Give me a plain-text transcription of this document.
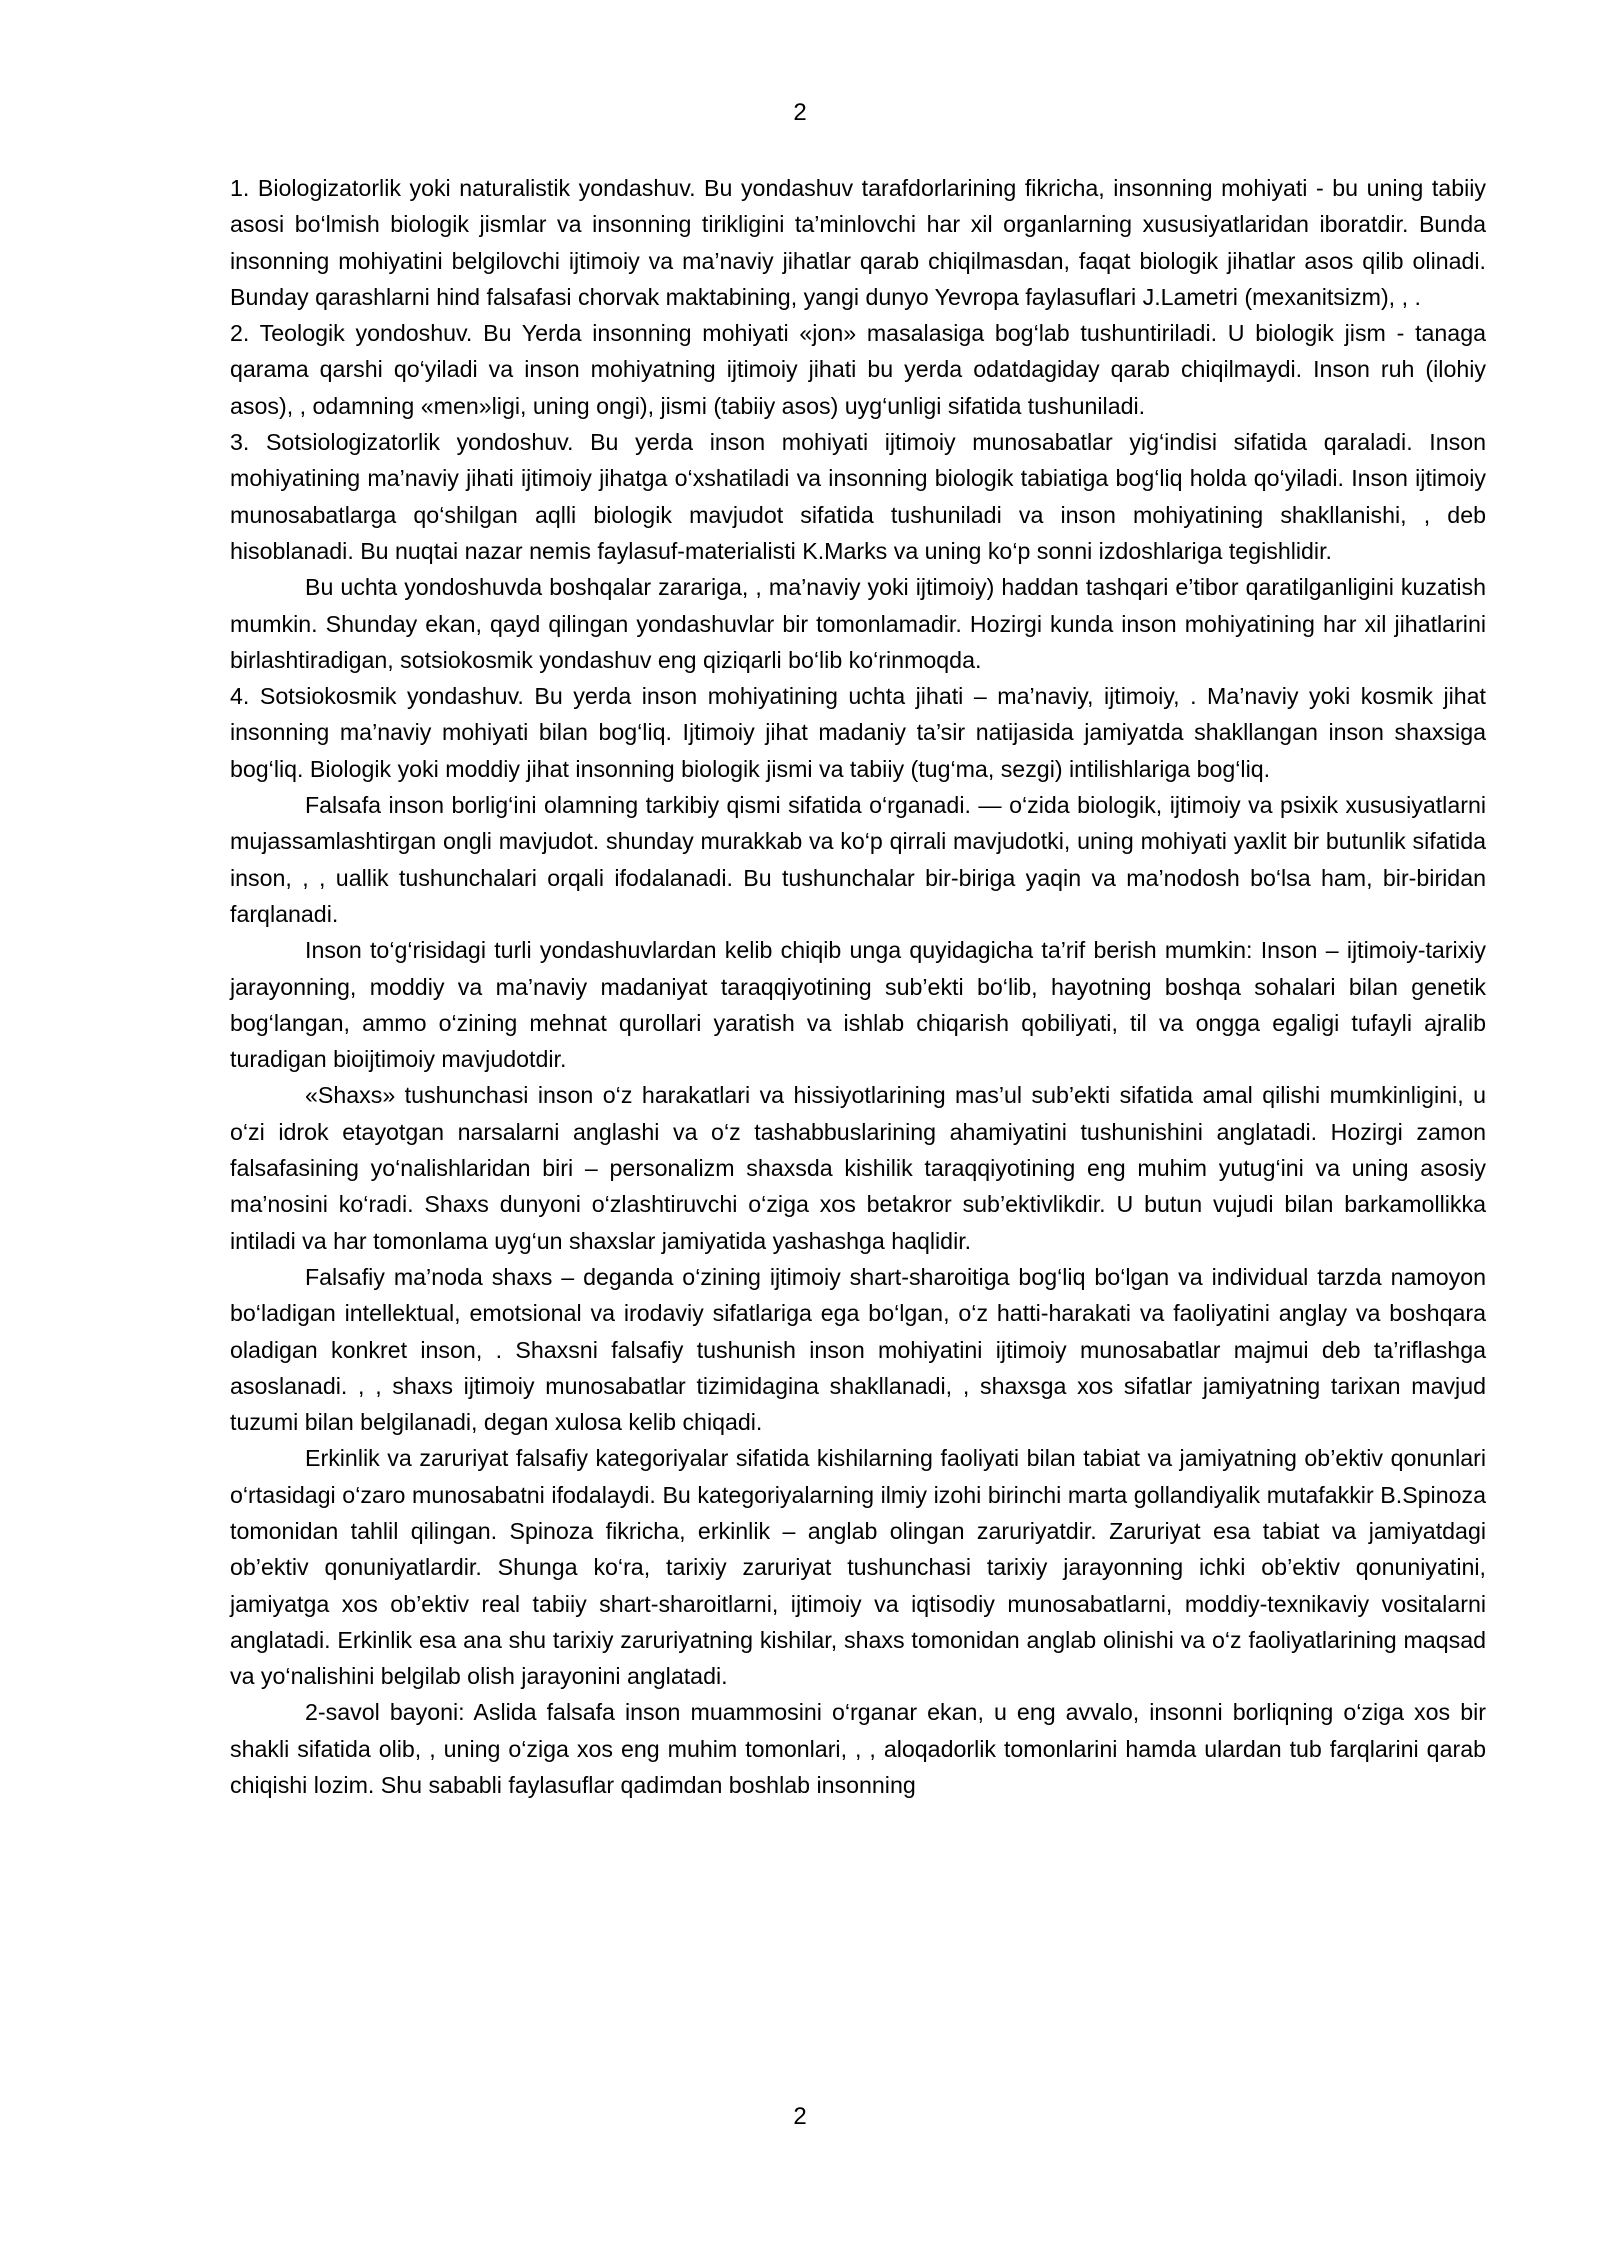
2

1. Biologizatorlik yoki naturalistik yondashuv. Bu yondashuv tarafdorlarining fikricha, insonning mohiyati - bu uning tabiiy asosi bo‘lmish biologik jismlar va insonning tirikligini ta’minlovchi har xil organlarning xususiyatlaridan iboratdir. Bunda insonning mohiyatini belgilovchi ijtimoiy va ma’naviy jihatlar qarab chiqilmasdan, faqat biologik jihatlar asos qilib olinadi. Bunday qarashlarni hind falsafasi chorvak maktabining, yangi dunyo Yevropa faylasuflari J.Lametri (mexanitsizm), , .

2. Teologik yondoshuv. Bu Yerda insonning mohiyati «jon» masalasiga bog‘lab tushuntiriladi. U biologik jism - tanaga qarama qarshi qo‘yiladi va inson mohiyatning ijtimoiy jihati bu yerda odatdagiday qarab chiqilmaydi. Inson ruh (ilohiy asos), , odamning «men»ligi, uning ongi), jismi (tabiiy asos) uyg‘unligi sifatida tushuniladi.

3. Sotsiologizatorlik yondoshuv. Bu yerda inson mohiyati ijtimoiy munosabatlar yig‘indisi sifatida qaraladi. Inson mohiyatining ma’naviy jihati ijtimoiy jihatga o‘xshatiladi va insonning biologik tabiatiga bog‘liq holda qo‘yiladi. Inson ijtimoiy munosabatlarga qo‘shilgan aqlli biologik mavjudot sifatida tushuniladi va inson mohiyatining shakllanishi, , deb hisoblanadi. Bu nuqtai nazar nemis faylasuf-materialisti K.Marks va uning ko‘p sonni izdoshlariga tegishlidir.

Bu uchta yondoshuvda boshqalar zarariga, , ma’naviy yoki ijtimoiy) haddan tashqari e’tibor qaratilganligini kuzatish mumkin. Shunday ekan, qayd qilingan yondashuvlar bir tomonlamadir. Hozirgi kunda inson mohiyatining har xil jihatlarini birlashtiradigan, sotsiokosmik yondashuv eng qiziqarli bo‘lib ko‘rinmoqda.

4. Sotsiokosmik yondashuv. Bu yerda inson mohiyatining uchta jihati – ma’naviy, ijtimoiy, . Ma’naviy yoki kosmik jihat insonning ma’naviy mohiyati bilan bog‘liq. Ijtimoiy jihat madaniy ta’sir natijasida jamiyatda shakllangan inson shaxsiga bog‘liq. Biologik yoki moddiy jihat insonning biologik jismi va tabiiy (tug‘ma, sezgi) intilishlariga bog‘liq.

Falsafa inson borlig‘ini olamning tarkibiy qismi sifatida o‘rganadi. — o‘zida biologik, ijtimoiy va psixik xususiyatlarni mujassamlashtirgan ongli mavjudot. shunday murakkab va ko‘p qirrali mavjudotki, uning mohiyati yaxlit bir butunlik sifatida inson, , , uallik tushunchalari orqali ifodalanadi. Bu tushunchalar bir-biriga yaqin va ma’nodosh bo‘lsa ham, bir-biridan farqlanadi.

Inson to‘g‘risidagi turli yondashuvlardan kelib chiqib unga quyidagicha ta’rif berish mumkin: Inson – ijtimoiy-tarixiy jarayonning, moddiy va ma’naviy madaniyat taraqqiyotining sub’ekti bo‘lib, hayotning boshqa sohalari bilan genetik bog‘langan, ammo o‘zining mehnat qurollari yaratish va ishlab chiqarish qobiliyati, til va ongga egaligi tufayli ajralib turadigan bioijtimoiy mavjudotdir.

«Shaxs» tushunchasi inson o‘z harakatlari va hissiyotlarining mas’ul sub’ekti sifatida amal qilishi mumkinligini, u o‘zi idrok etayotgan narsalarni anglashi va o‘z tashabbuslarining ahamiyatini tushunishini anglatadi. Hozirgi zamon falsafasining yo‘nalishlaridan biri – personalizm shaxsda kishilik taraqqiyotining eng muhim yutug‘ini va uning asosiy ma’nosini ko‘radi. Shaxs dunyoni o‘zlashtiruvchi o‘ziga xos betakror sub’ektivlikdir. U butun vujudi bilan barkamollikka intiladi va har tomonlama uyg‘un shaxslar jamiyatida yashashga haqlidir.

Falsafiy ma’noda shaxs – deganda o‘zining ijtimoiy shart-sharoitiga bog‘liq bo‘lgan va individual tarzda namoyon bo‘ladigan intellektual, emotsional va irodaviy sifatlariga ega bo‘lgan, o‘z hatti-harakati va faoliyatini anglay va boshqara oladigan konkret inson, . Shaxsni falsafiy tushunish inson mohiyatini ijtimoiy munosabatlar majmui deb ta’riflashga asoslanadi. , , shaxs ijtimoiy munosabatlar tizimidagina shakllanadi, , shaxsga xos sifatlar jamiyatning tarixan mavjud tuzumi bilan belgilanadi, degan xulosa kelib chiqadi.

Erkinlik va zaruriyat falsafiy kategoriyalar sifatida kishilarning faoliyati bilan tabiat va jamiyatning ob’ektiv qonunlari o‘rtasidagi o‘zaro munosabatni ifodalaydi. Bu kategoriyalarning ilmiy izohi birinchi marta gollandiyalik mutafakkir B.Spinoza tomonidan tahlil qilingan. Spinoza fikricha, erkinlik – anglab olingan zaruriyatdir. Zaruriyat esa tabiat va jamiyatdagi ob’ektiv qonuniyatlardir. Shunga ko‘ra, tarixiy zaruriyat tushunchasi tarixiy jarayonning ichki ob’ektiv qonuniyatini, jamiyatga xos ob’ektiv real tabiiy shart-sharoitlarni, ijtimoiy va iqtisodiy munosabatlarni, moddiy-texnikaviy vositalarni anglatadi. Erkinlik esa ana shu tarixiy zaruriyatning kishilar, shaxs tomonidan anglab olinishi va o‘z faoliyatlarining maqsad va yo‘nalishini belgilab olish jarayonini anglatadi.

2-savol bayoni: Aslida falsafa inson muammosini o‘rganar ekan, u eng avvalo, insonni borliqning o‘ziga xos bir shakli sifatida olib, , uning o‘ziga xos eng muhim tomonlari, , , aloqadorlik tomonlarini hamda ulardan tub farqlarini qarab chiqishi lozim. Shu sababli faylasuflar qadimdan boshlab insonning

2
